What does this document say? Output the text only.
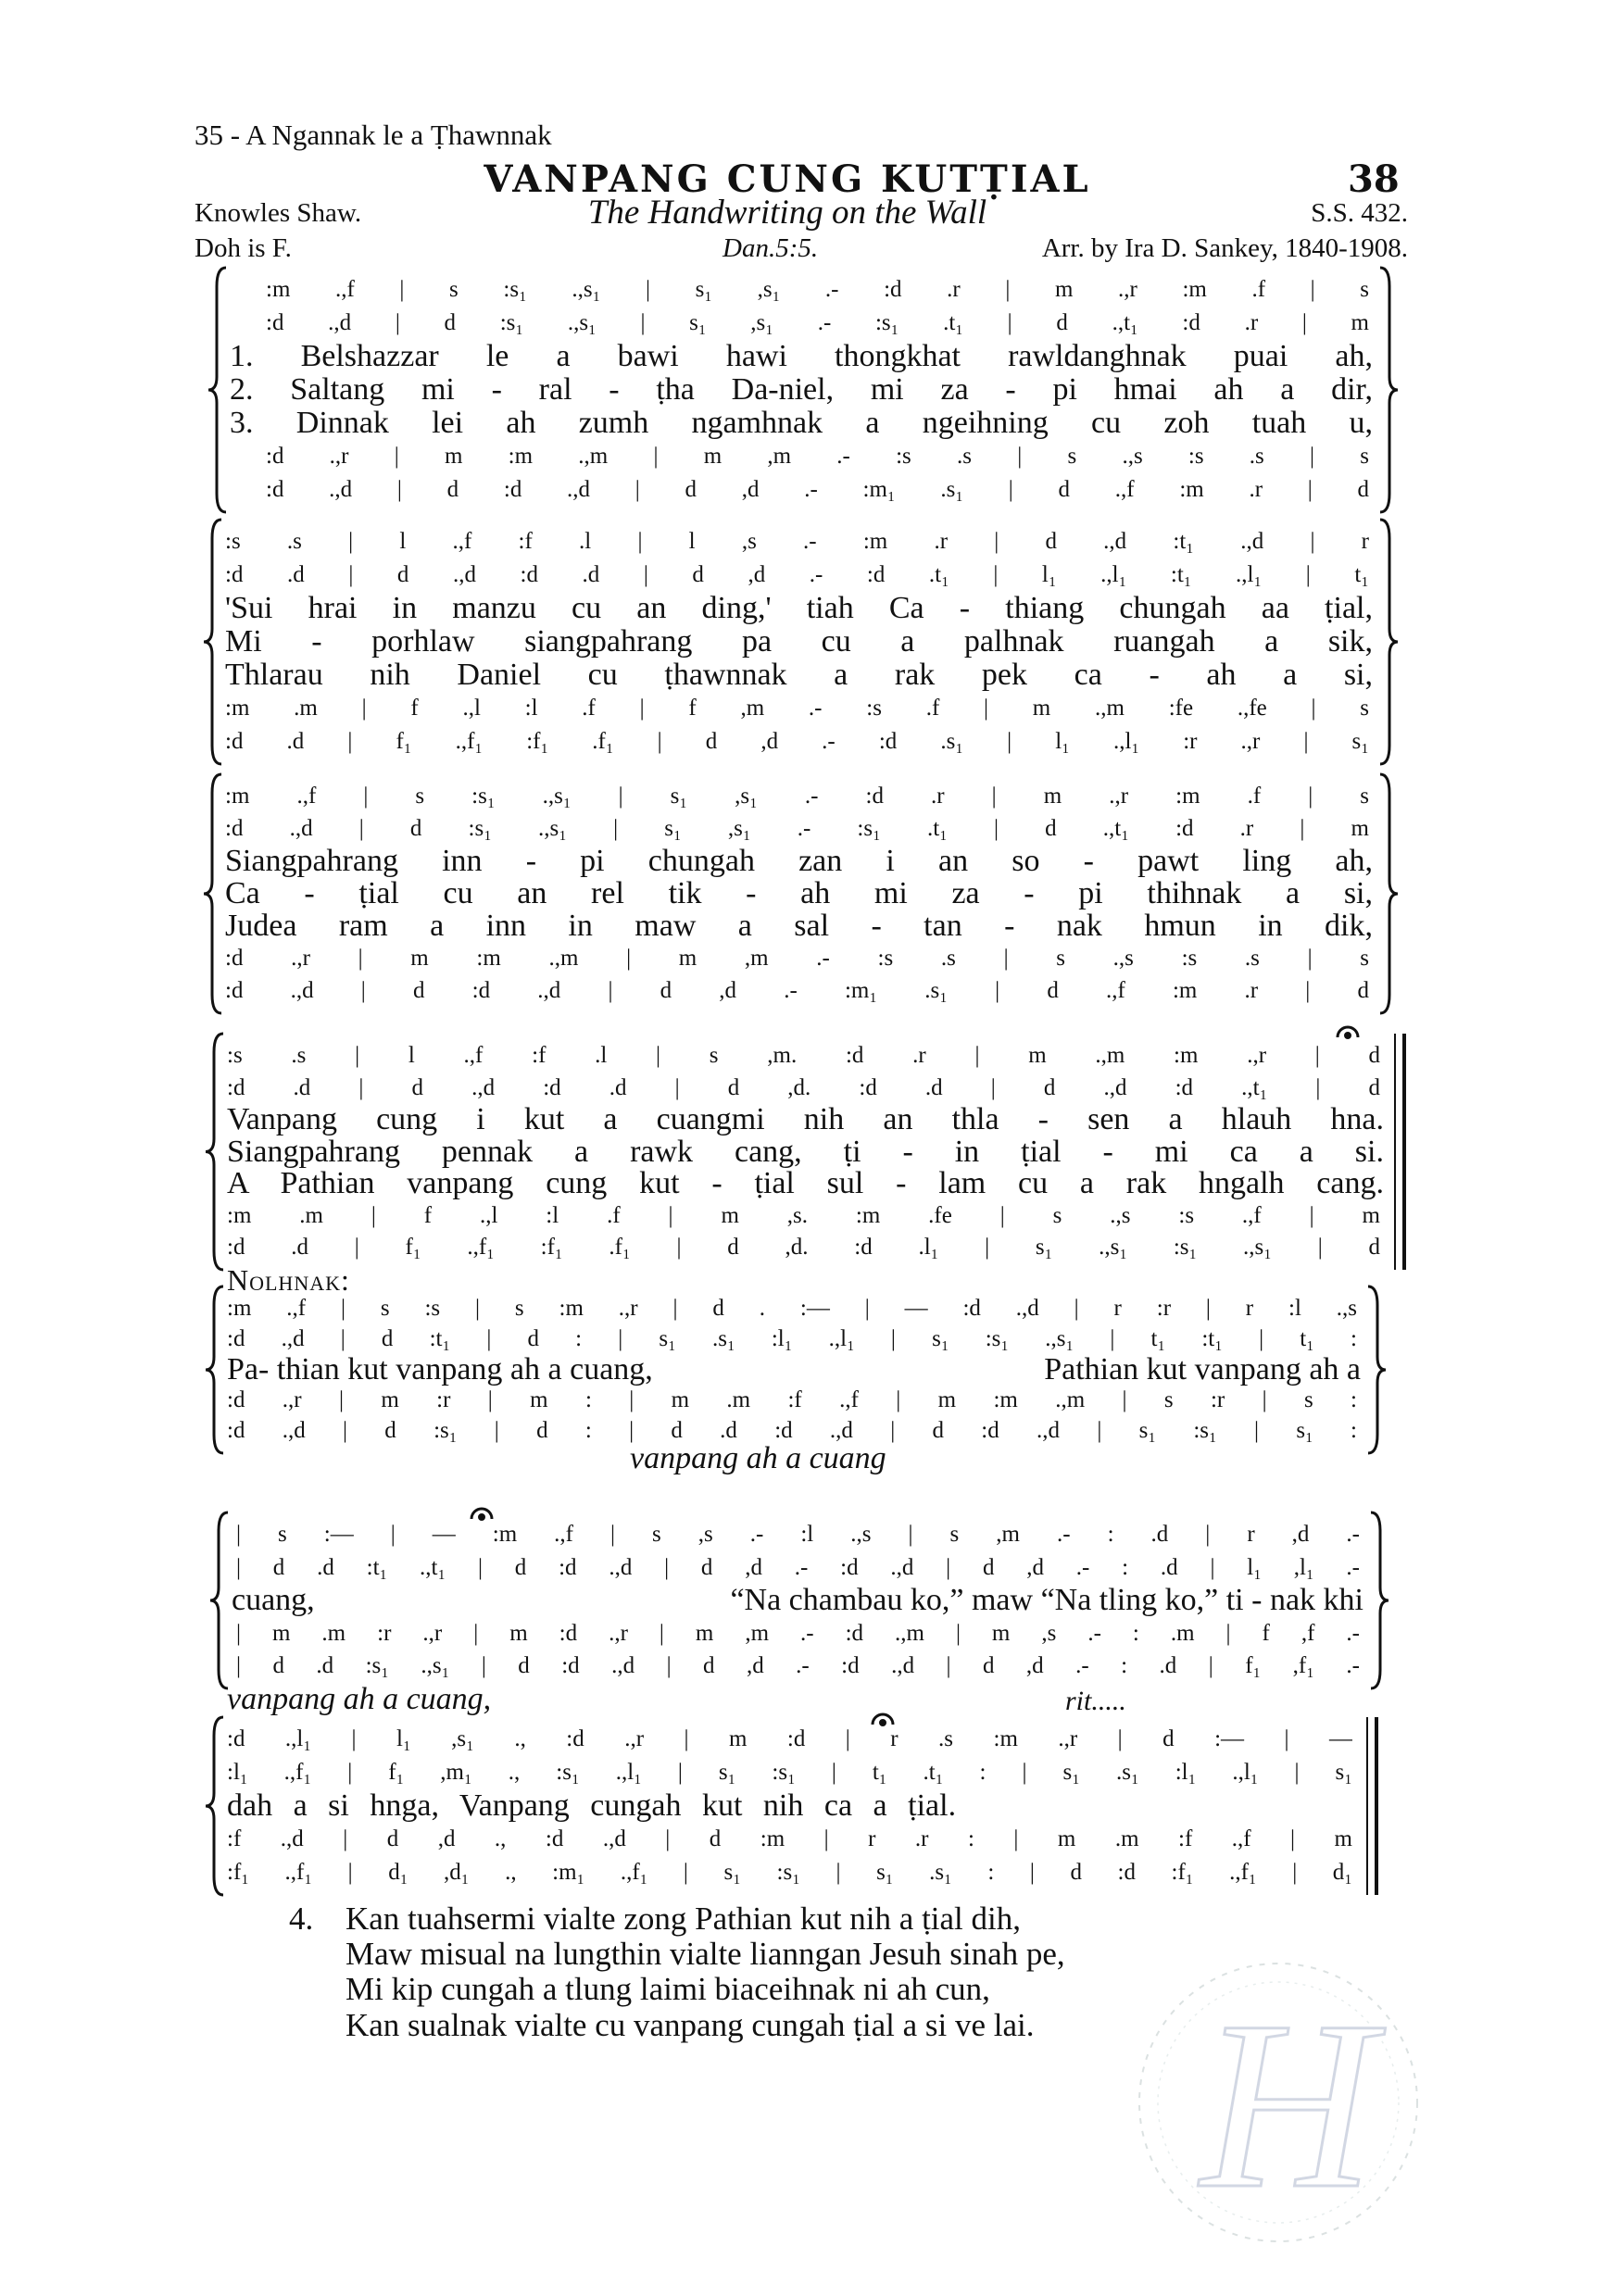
35 - A Ngannak le a Ṭhawnnak
VANPANG CUNG KUTṬIAL	38
Knowles Shaw.	The Handwriting on the Wall	S.S. 432.
Doh is F.	Dan.5:5.	Arr. by Ira D. Sankey, 1840-1908.
:m .,f | s :s₁ .,s₁ | s₁ ,s₁ .- :d .r | m .,r :m .f | s
:d .,d | d :s₁ .,s₁ | s₁ ,s₁ .- :s₁ .t₁ | d .,t₁ :d .r | m
1. Belshazzar le a bawi hawi thongkhat rawldanghnak puai ah,
2. Saltang mi - ral - ṭha Da-niel, mi za - pi hmai ah a dir,
3. Dinnak lei ah zumh ngamhnak a ngeihning cu zoh tuah u,
:d .,r | m :m .,m | m ,m .- :s .s | s .,s :s .s | s
:d .,d | d :d .,d | d ,d .- :m₁ .s₁ | d .,f :m .r | d
:s .s | l .,f :f .l | l ,s .- :m .r | d .,d :t₁ .,d | r
:d .d | d .,d :d .d | d ,d .- :d .t₁ | l₁ .,l₁ :t₁ .,l₁ | t₁
'Sui hrai in manzu cu an ding,' tiah Ca - thiang chungah aa ṭial,
Mi - porhlaw siangpahrang pa cu a palhnak ruangah a sik,
Thlarau nih Daniel cu ṭhawnnak a rak pek ca - ah a si,
:m .m | f .,l :l .f | f ,m .- :s .f | m .,m :fe .,fe | s
:d .d | f₁ .,f₁ :f₁ .f₁ | d ,d .- :d .s₁ | l₁ .,l₁ :r .,r | s₁
:m .,f | s :s₁ .,s₁ | s₁ ,s₁ .- :d .r | m .,r :m .f | s
:d .,d | d :s₁ .,s₁ | s₁ ,s₁ .- :s₁ .t₁ | d .,t₁ :d .r | m
Siangpahrang inn - pi chungah zan i an so - pawt ling ah,
Ca - ṭial cu an rel tik - ah mi za - pi thihnak a si,
Judea ram a inn in maw a sal - tan - nak hmun in dik,
:d .,r | m :m .,m | m ,m .- :s .s | s .,s :s .s | s
:d .,d | d :d .,d | d ,d .- :m₁ .s₁ | d .,f :m .r | d
:s .s | l .,f :f .l | s ,m. :d .r | m .,m :m .,r | d
:d .d | d .,d :d .d | d ,d. :d .d | d .,d :d .,t₁ | d
Vanpang cung i kut a cuangmi nih an thla - sen a hlauh hna.
Siangpahrang pennak a rawk cang, ṭi - in ṭial - mi ca a si.
A Pathian vanpang cung kut - ṭial sul - lam cu a rak hngalh cang.
:m .m | f .,l :l .f | m ,s. :m .fe | s .,s :s .,f | m
:d .d | f₁ .,f₁ :f₁ .f₁ | d ,d. :d .l₁ | s₁ .,s₁ :s₁ .,s₁ | d
:m .,f | s :s | s :m .,r | d . :— | — :d .,d | r :r | r :l .,s
:d .,d | d :t₁ | d : | s₁ .s₁ :l₁ .,l₁ | s₁ :s₁ .,s₁ | t₁ :t₁ | t₁ :
Pa- thian kut vanpang ah a cuang,	Pathian kut vanpang ah a
:d .,r | m :r | m : | m .m :f .,f | m :m .,m | s :r | s :
:d .,d | d :s₁ | d : | d .d :d .,d | d :d .,d | s₁ :s₁ | s₁ :
| s :— | — :m .,f | s ,s .- :l .,s | s ,m .- : .d | r ,d .-
| d .d :t₁ .,t₁ | d :d .,d | d ,d .- :d .,d | d ,d .- : .d | l₁ ,l₁ .-
cuang,	“Na chambau ko,” maw “Na tling ko,” ti - nak khi
| m .m :r .,r | m :d .,r | m ,m .- :d .,m | m ,s .- : .m | f ,f .-
| d .d :s₁ .,s₁ | d :d .,d | d ,d .- :d .,d | d ,d .- : .d | f₁ ,f₁ .-
:d .,l₁ | l₁ ,s₁ ., :d .,r | m :d | r .s :m .,r | d :— | —
:l₁ .,f₁ | f₁ ,m₁ ., :s₁ .,l₁ | s₁ :s₁ | t₁ .t₁ : | s₁ .s₁ :l₁ .,l₁ | s₁
dah a si hnga, Vanpang cungah kut nih ca a ṭial.
:f .,d | d ,d ., :d .,d | d :m | r .r : | m .m :f .,f | m
:f₁ .,f₁ | d₁ ,d₁ ., :m₁ .,f₁ | s₁ :s₁ | s₁ .s₁ : | d :d :f₁ .,f₁ | d₁
Nolhnak:
vanpang ah a cuang
vanpang ah a cuang,	rit.....
4. Kan tuahsermi vialte zong Pathian kut nih a ṭial dih,
Maw misual na lungthin vialte lianngan Jesuh sinah pe,
Mi kip cungah a tlung laimi biaceihnak ni ah cun,
Kan sualnak vialte cu vanpang cungah ṭial a si ve lai. H
